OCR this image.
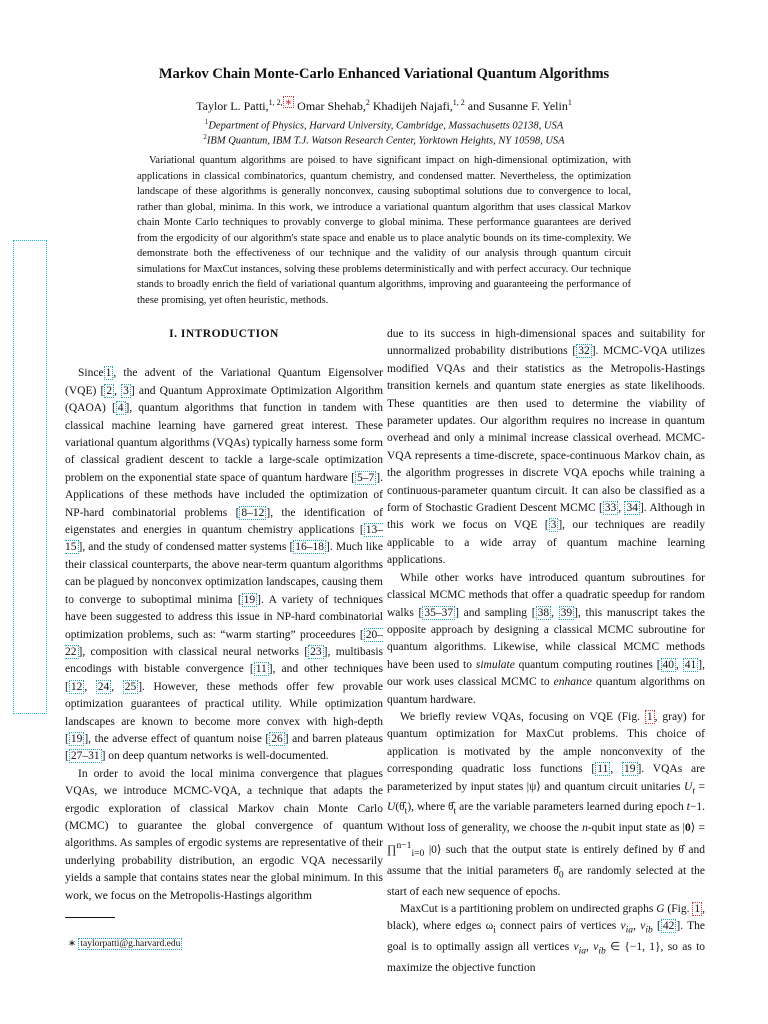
Markov Chain Monte-Carlo Enhanced Variational Quantum Algorithms
Taylor L. Patti,$^{1, 2,}$ ∗ Omar Shehab,$^2$ Khadijeh Najafi,$^{1, 2}$ and Susanne F. Yelin$^1$
$^1$Department of Physics, Harvard University, Cambridge, Massachusetts 02138, USA
$^2$IBM Quantum, IBM T.J. Watson Research Center, Yorktown Heights, NY 10598, USA
Variational quantum algorithms are poised to have significant impact on high-dimensional optimization, with applications in classical combinatorics, quantum chemistry, and condensed matter. Nevertheless, the optimization landscape of these algorithms is generally nonconvex, causing suboptimal solutions due to convergence to local, rather than global, minima. In this work, we introduce a variational quantum algorithm that uses classical Markov chain Monte Carlo techniques to provably converge to global minima. These performance guarantees are derived from the ergodicity of our algorithm's state space and enable us to place analytic bounds on its time-complexity. We demonstrate both the effectiveness of our technique and the validity of our analysis through quantum circuit simulations for MaxCut instances, solving these problems deterministically and with perfect accuracy. Our technique stands to broadly enrich the field of variational quantum algorithms, improving and guaranteeing the performance of these promising, yet often heuristic, methods.
I. INTRODUCTION

Since 1 , the advent of the Variational Quantum Eigensolver (VQE) [ 2 , 3 ] and Quantum Approximate Optimization Algorithm (QAOA) [ 4 ], quantum algorithms that function in tandem with classical machine learning have garnered great interest. These variational quantum algorithms (VQAs) typically harness some form of classical gradient descent to tackle a large-scale optimization problem on the exponential state space of quantum hardware [ 5–7 ]. Applications of these methods have included the optimization of NP-hard combinatorial problems [ 8–12 ], the identification of eigenstates and energies in quantum chemistry applications [ 13–15 ], and the study of condensed matter systems [ 16–18 ]. Much like their classical counterparts, the above near-term quantum algorithms can be plagued by nonconvex optimization landscapes, causing them to converge to suboptimal minima [ 19 ]. A variety of techniques have been suggested to address this issue in NP-hard combinatorial optimization problems, such as: “warm starting” proceedures [ 20–22 ], composition with classical neural networks [ 23 ], multibasis encodings with bistable convergence [ 11 ], and other techniques [ 12 , 24 , 25 ]. However, these methods offer few provable optimization guarantees of practical utility. While optimization landscapes are known to become more convex with high-depth [ 19 ], the adverse effect of quantum noise [ 26 ] and barren plateaus [ 27–31 ] on deep quantum networks is well-documented.

In order to avoid the local minima convergence that plagues VQAs, we introduce MCMC-VQA, a technique that adapts the ergodic exploration of classical Markov chain Monte Carlo (MCMC) to guarantee the global convergence of quantum algorithms. As samples of ergodic systems are representative of their underlying probability distribution, an ergodic VQA necessarily yields a sample that contains states near the global minimum. In this work, we focus on the Metropolis-Hastings algorithm

due to its success in high-dimensional spaces and suitability for unnormalized probability distributions [ 32 ]. MCMC-VQA utilizes modified VQAs and their statistics as the Metropolis-Hastings transition kernels and quantum state energies as state likelihoods. These quantities are then used to determine the viability of parameter updates. Our algorithm requires no increase in quantum overhead and only a minimal increase classical overhead. MCMC-VQA represents a time-discrete, space-continuous Markov chain, as the algorithm progresses in discrete VQA epochs while training a continuous-parameter quantum circuit. It can also be classified as a form of Stochastic Gradient Descent MCMC [ 33 , 34 ]. Although in this work we focus on VQE [ 3 ], our techniques are readily applicable to a wide array of quantum machine learning applications.

While other works have introduced quantum subroutines for classical MCMC methods that offer a quadratic speedup for random walks [ 35–37 ] and sampling [ 38 , 39 ], this manuscript takes the opposite approach by designing a classical MCMC subroutine for quantum algorithms. Likewise, while classical MCMC methods have been used to simulate quantum computing routines [ 40 , 41 ], our work uses classical MCMC to enhance quantum algorithms on quantum hardware.

We briefly review VQAs, focusing on VQE (Fig. 1 , gray) for quantum optimization for MaxCut problems. This choice of application is motivated by the ample nonconvexity of the corresponding quadratic loss functions [ 11 , 19 ]. VQAs are parameterized by input states |ψ⟩ and quantum circuit unitaries $U_t$ = $U(\thetâ_t)$, where $\thetâ_t$ are the variable parameters learned during epoch t−1. Without loss of generality, we choose the n-qubit input state as |0⟩ = ∏$^{n-1}_{i=0}$ |0⟩ such that the output state is entirely defined by θ̂ and assume that the initial parameters $\thetâ_0$ are randomly selected at the start of each new sequence of epochs.

MaxCut is a partitioning problem on undirected graphs G (Fig. 1 , black), where edges $\omega_i$ connect pairs of vertices $v_{ia}$, $v_{ib}$ [ 42 ]. The goal is to optimally assign all vertices $v_{ia}$, $v_{ib}$ ∈ {−1, 1}, so as to maximize the objective function

∗ taylorpatti@g.harvard.edu
